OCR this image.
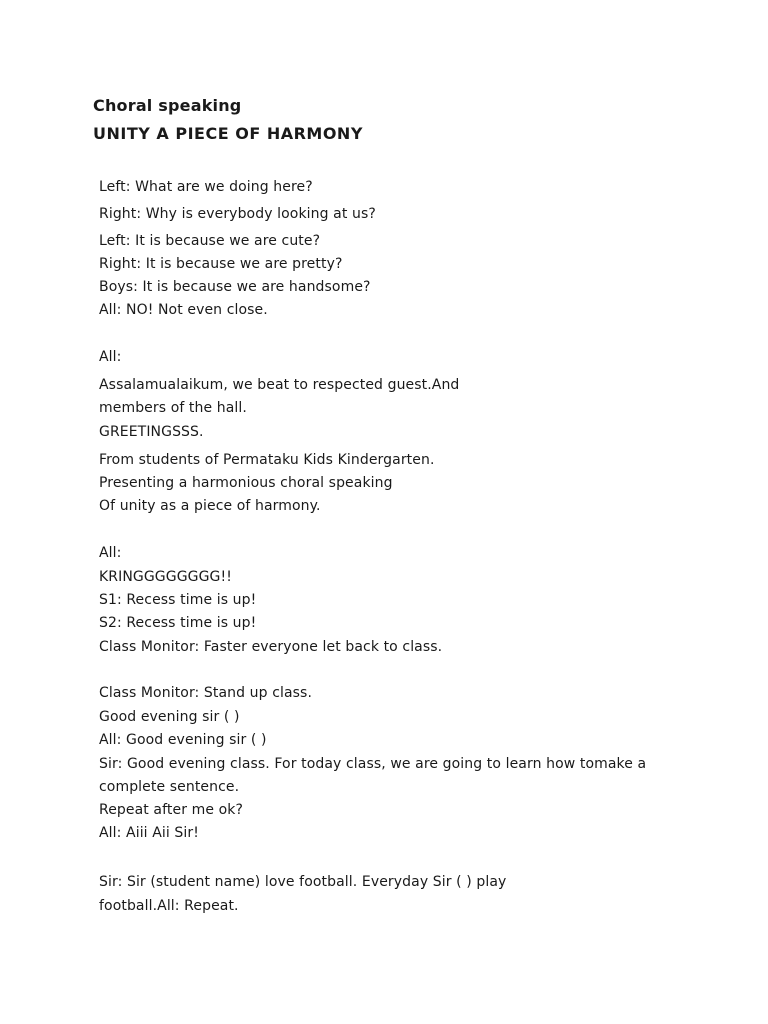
Choral speaking
UNITY A PIECE OF HARMONY

Left: What are we doing here?

Right: Why is everybody looking at us?

Left: It is because we are cute?

Right: It is because we are pretty?

Boys: It is because we are handsome?

All: NO! Not even close.

All:

Assalamualaikum, we beat to respected guest.And

members of the hall.

GREETINGSSS.

From students of Permataku Kids Kindergarten.

Presenting a harmonious choral speaking

Of unity as a piece of harmony.

All:

KRINGGGGGGGG!!

S1: Recess time is up!

S2: Recess time is up!

Class Monitor: Faster everyone let back to class.

Class Monitor: Stand up class.

Good evening sir ( )

All: Good evening sir ( )

Sir: Good evening class. For today class, we are going to learn how tomake a

complete sentence.

Repeat after me ok?

All: Aiii Aii Sir!

Sir: Sir (student name) love football. Everyday Sir ( ) play

football.All: Repeat.
